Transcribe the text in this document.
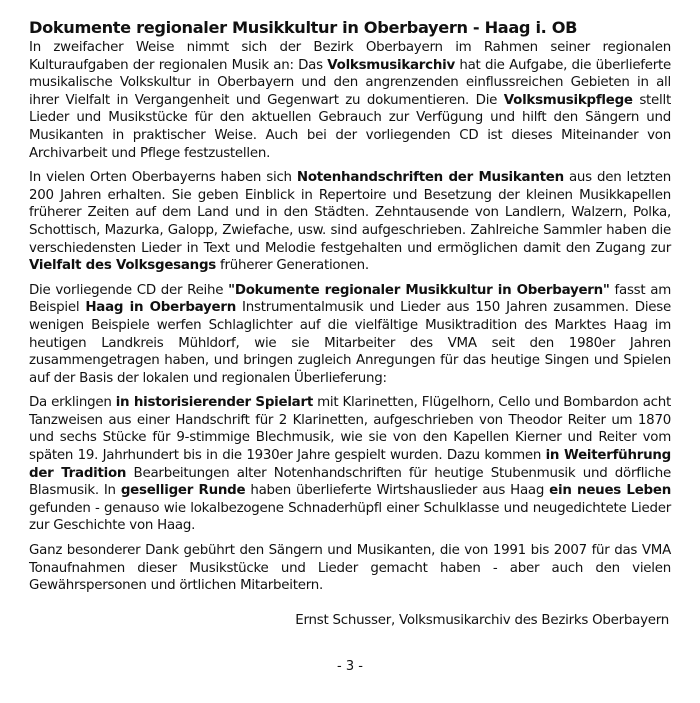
Dokumente regionaler Musikkultur in Oberbayern - Haag i. OB

In zweifacher Weise nimmt sich der Bezirk Oberbayern im Rahmen seiner regionalen Kulturaufgaben der regionalen Musik an: Das Volksmusikarchiv hat die Aufgabe, die überlieferte musikalische Volkskultur in Oberbayern und den angrenzenden einflussreichen Gebieten in all ihrer Vielfalt in Vergangenheit und Gegenwart zu dokumentieren. Die Volksmusikpflege stellt Lieder und Musikstücke für den aktuellen Gebrauch zur Verfügung und hilft den Sängern und Musikanten in praktischer Weise. Auch bei der vorliegenden CD ist dieses Miteinander von Archivarbeit und Pflege festzustellen.

In vielen Orten Oberbayerns haben sich Notenhandschriften der Musikanten aus den letzten 200 Jahren erhalten. Sie geben Einblick in Repertoire und Besetzung der kleinen Musikkapellen früherer Zeiten auf dem Land und in den Städten. Zehntausende von Landlern, Walzern, Polka, Schottisch, Mazurka, Galopp, Zwiefache, usw. sind aufgeschrieben. Zahlreiche Sammler haben die verschiedensten Lieder in Text und Melodie festgehalten und ermöglichen damit den Zugang zur Vielfalt des Volksgesangs früherer Generationen.

Die vorliegende CD der Reihe "Dokumente regionaler Musikkultur in Oberbayern" fasst am Beispiel Haag in Oberbayern Instrumentalmusik und Lieder aus 150 Jahren zusammen. Diese wenigen Beispiele werfen Schlaglichter auf die vielfältige Musiktradition des Marktes Haag im heutigen Landkreis Mühldorf, wie sie Mitarbeiter des VMA seit den 1980er Jahren zusammengetragen haben, und bringen zugleich Anregungen für das heutige Singen und Spielen auf der Basis der lokalen und regionalen Überlieferung:

Da erklingen in historisierender Spielart mit Klarinetten, Flügelhorn, Cello und Bombardon acht Tanzweisen aus einer Handschrift für 2 Klarinetten, aufgeschrieben von Theodor Reiter um 1870 und sechs Stücke für 9-stimmige Blechmusik, wie sie von den Kapellen Kierner und Reiter vom späten 19. Jahrhundert bis in die 1930er Jahre gespielt wurden. Dazu kommen in Weiterführung der Tradition Bearbeitungen alter Notenhandschriften für heutige Stubenmusik und dörfliche Blasmusik. In geselliger Runde haben überlieferte Wirtshauslieder aus Haag ein neues Leben gefunden - genauso wie lokalbezogene Schnaderhüpfl einer Schulklasse und neugedichtete Lieder zur Geschichte von Haag.

Ganz besonderer Dank gebührt den Sängern und Musikanten, die von 1991 bis 2007 für das VMA Tonaufnahmen dieser Musikstücke und Lieder gemacht haben - aber auch den vielen Gewährspersonen und örtlichen Mitarbeitern.

Ernst Schusser, Volksmusikarchiv des Bezirks Oberbayern
- 3 -
